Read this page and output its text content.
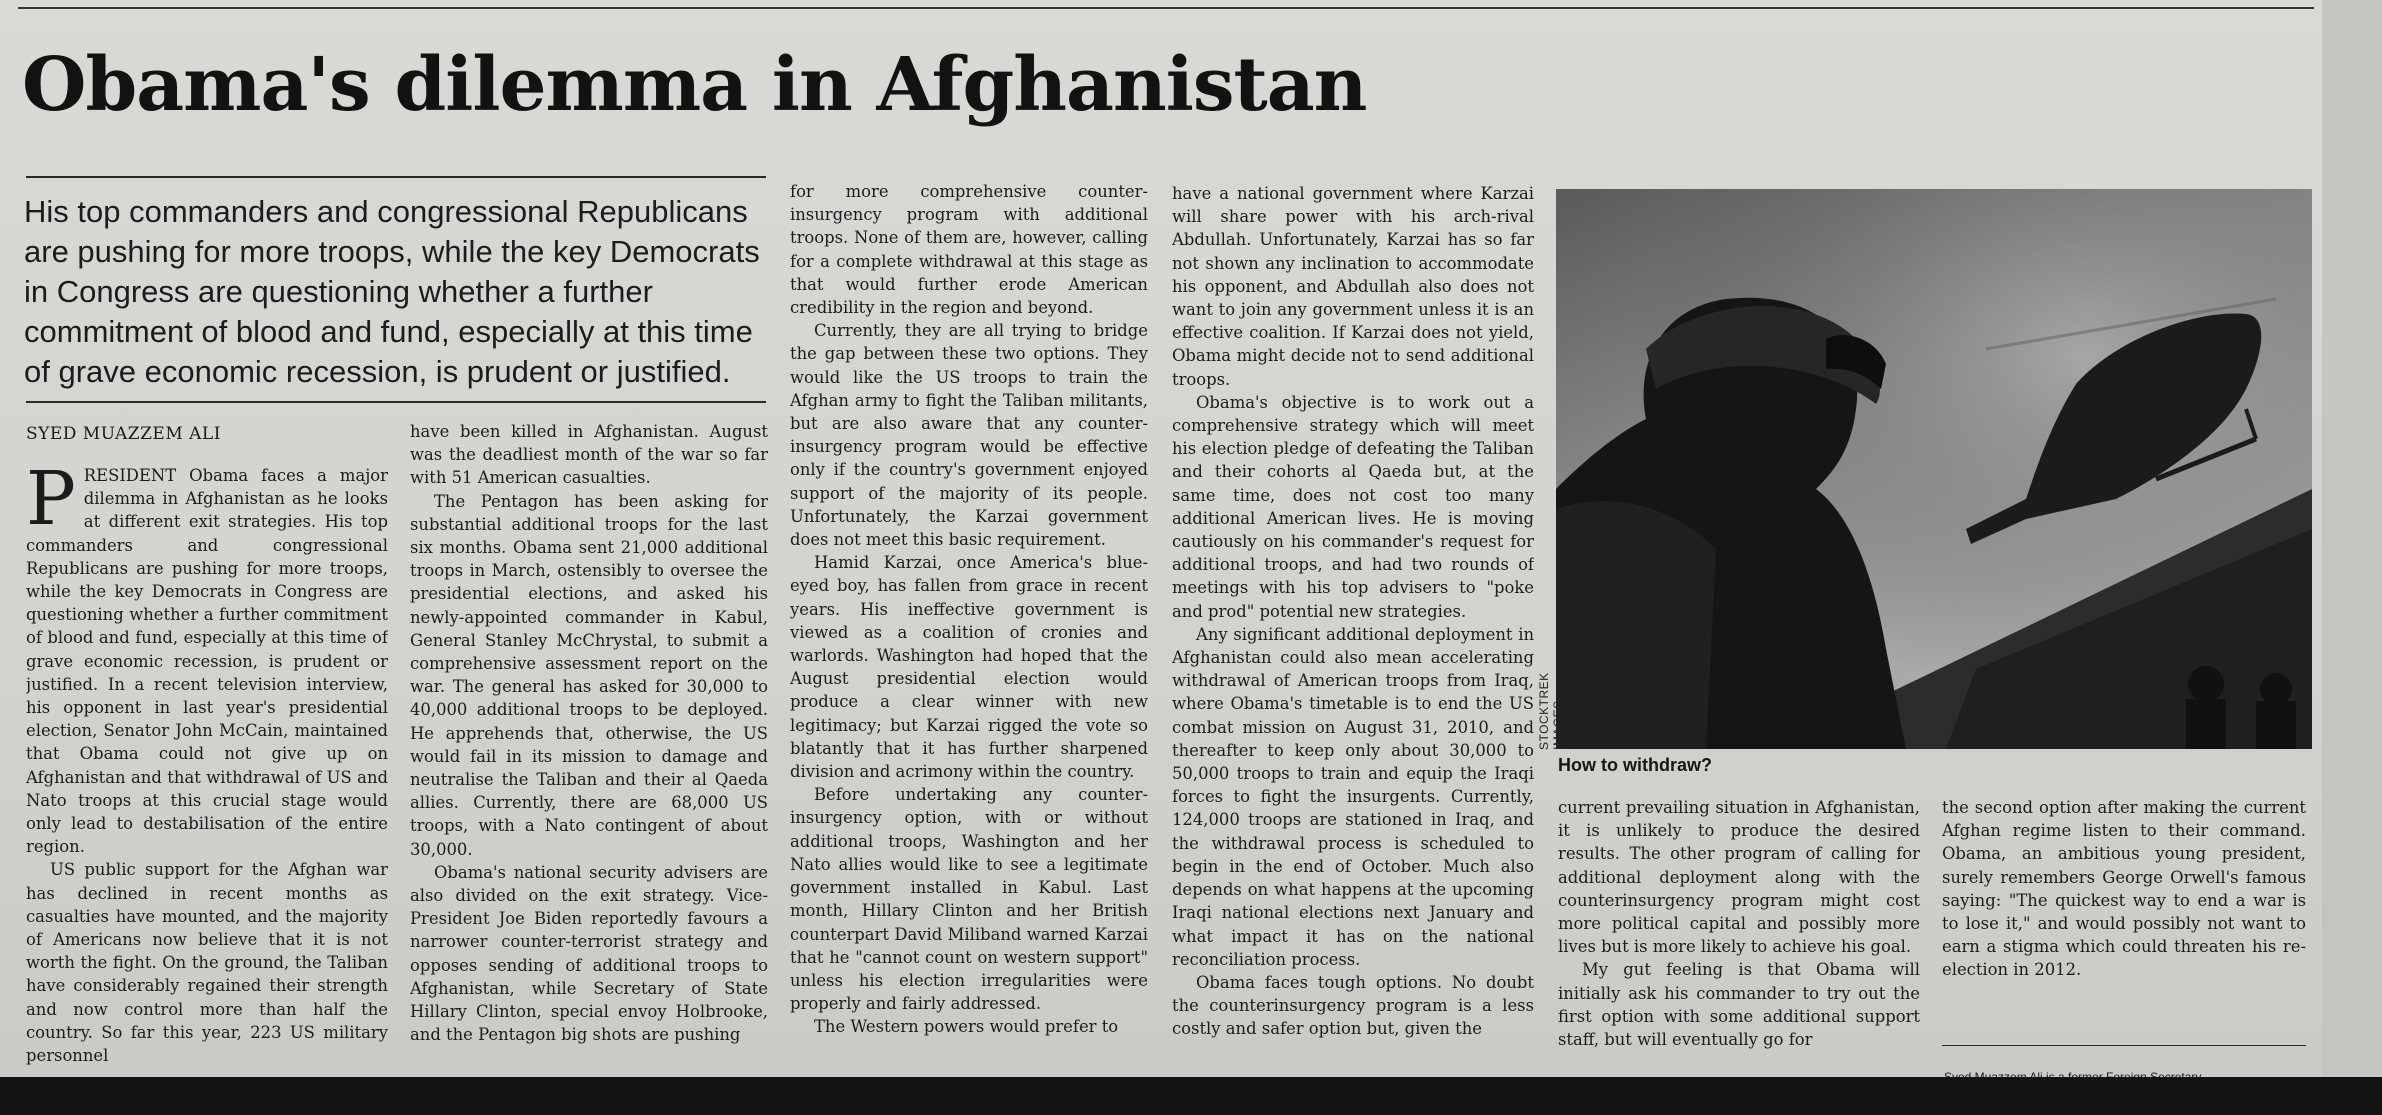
Obama's dilemma in Afghanistan

His top commanders and congressional Republicans are pushing for more troops, while the key Democrats in Congress are questioning whether a further commitment of blood and fund, especially at this time of grave economic recession, is prudent or justified.

SYED MUAZZEM ALI
P RESIDENT Obama faces a major dilemma in Afghanistan as he looks at different exit strategies. His top commanders and congressional Republicans are pushing for more troops, while the key Democrats in Congress are questioning whether a further commitment of blood and fund, especially at this time of grave economic recession, is prudent or justified. In a recent television interview, his opponent in last year's presidential election, Senator John McCain, maintained that Obama could not give up on Afghanistan and that withdrawal of US and Nato troops at this crucial stage would only lead to destabilisation of the entire region.

US public support for the Afghan war has declined in recent months as casualties have mounted, and the majority of Americans now believe that it is not worth the fight. On the ground, the Taliban have considerably regained their strength and now control more than half the country. So far this year, 223 US military personnel

have been killed in Afghanistan. August was the deadliest month of the war so far with 51 American casualties.

The Pentagon has been asking for substantial additional troops for the last six months. Obama sent 21,000 additional troops in March, ostensibly to oversee the presidential elections, and asked his newly-appointed commander in Kabul, General Stanley McChrystal, to submit a comprehensive assessment report on the war. The general has asked for 30,000 to 40,000 additional troops to be deployed. He apprehends that, otherwise, the US would fail in its mission to damage and neutralise the Taliban and their al Qaeda allies. Currently, there are 68,000 US troops, with a Nato contingent of about 30,000.

Obama's national security advisers are also divided on the exit strategy. Vice-President Joe Biden reportedly favours a narrower counter-terrorist strategy and opposes sending of additional troops to Afghanistan, while Secretary of State Hillary Clinton, special envoy Holbrooke, and the Pentagon big shots are pushing

for more comprehensive counter-insurgency program with additional troops. None of them are, however, calling for a complete withdrawal at this stage as that would further erode American credibility in the region and beyond.

Currently, they are all trying to bridge the gap between these two options. They would like the US troops to train the Afghan army to fight the Taliban militants, but are also aware that any counter-insurgency program would be effective only if the country's government enjoyed support of the majority of its people. Unfortunately, the Karzai government does not meet this basic requirement.

Hamid Karzai, once America's blue-eyed boy, has fallen from grace in recent years. His ineffective government is viewed as a coalition of cronies and warlords. Washington had hoped that the August presidential election would produce a clear winner with new legitimacy; but Karzai rigged the vote so blatantly that it has further sharpened division and acrimony within the country.

Before undertaking any counter-insurgency option, with or without additional troops, Washington and her Nato allies would like to see a legitimate government installed in Kabul. Last month, Hillary Clinton and her British counterpart David Miliband warned Karzai that he "cannot count on western support" unless his election irregularities were properly and fairly addressed.

The Western powers would prefer to

have a national government where Karzai will share power with his arch-rival Abdullah. Unfortunately, Karzai has so far not shown any inclination to accommodate his opponent, and Abdullah also does not want to join any government unless it is an effective coalition. If Karzai does not yield, Obama might decide not to send additional troops.

Obama's objective is to work out a comprehensive strategy which will meet his election pledge of defeating the Taliban and their cohorts al Qaeda but, at the same time, does not cost too many additional American lives. He is moving cautiously on his commander's request for additional troops, and had two rounds of meetings with his top advisers to "poke and prod" potential new strategies.

Any significant additional deployment in Afghanistan could also mean accelerating withdrawal of American troops from Iraq, where Obama's timetable is to end the US combat mission on August 31, 2010, and thereafter to keep only about 30,000 to 50,000 troops to train and equip the Iraqi forces to fight the insurgents. Currently, 124,000 troops are stationed in Iraq, and the withdrawal process is scheduled to begin in the end of October. Much also depends on what happens at the upcoming Iraqi national elections next January and what impact it has on the national reconciliation process.

Obama faces tough options. No doubt the counterinsurgency program is a less costly and safer option but, given the

STOCKTREK IMAGES
How to withdraw?

current prevailing situation in Afghanistan, it is unlikely to produce the desired results. The other program of calling for additional deployment along with the counterinsurgency program might cost more political capital and possibly more lives but is more likely to achieve his goal.

My gut feeling is that Obama will initially ask his commander to try out the first option with some additional support staff, but will eventually go for

the second option after making the current Afghan regime listen to their command. Obama, an ambitious young president, surely remembers George Orwell's famous saying: "The quickest way to end a war is to lose it," and would possibly not want to earn a stigma which could threaten his re-election in 2012.
